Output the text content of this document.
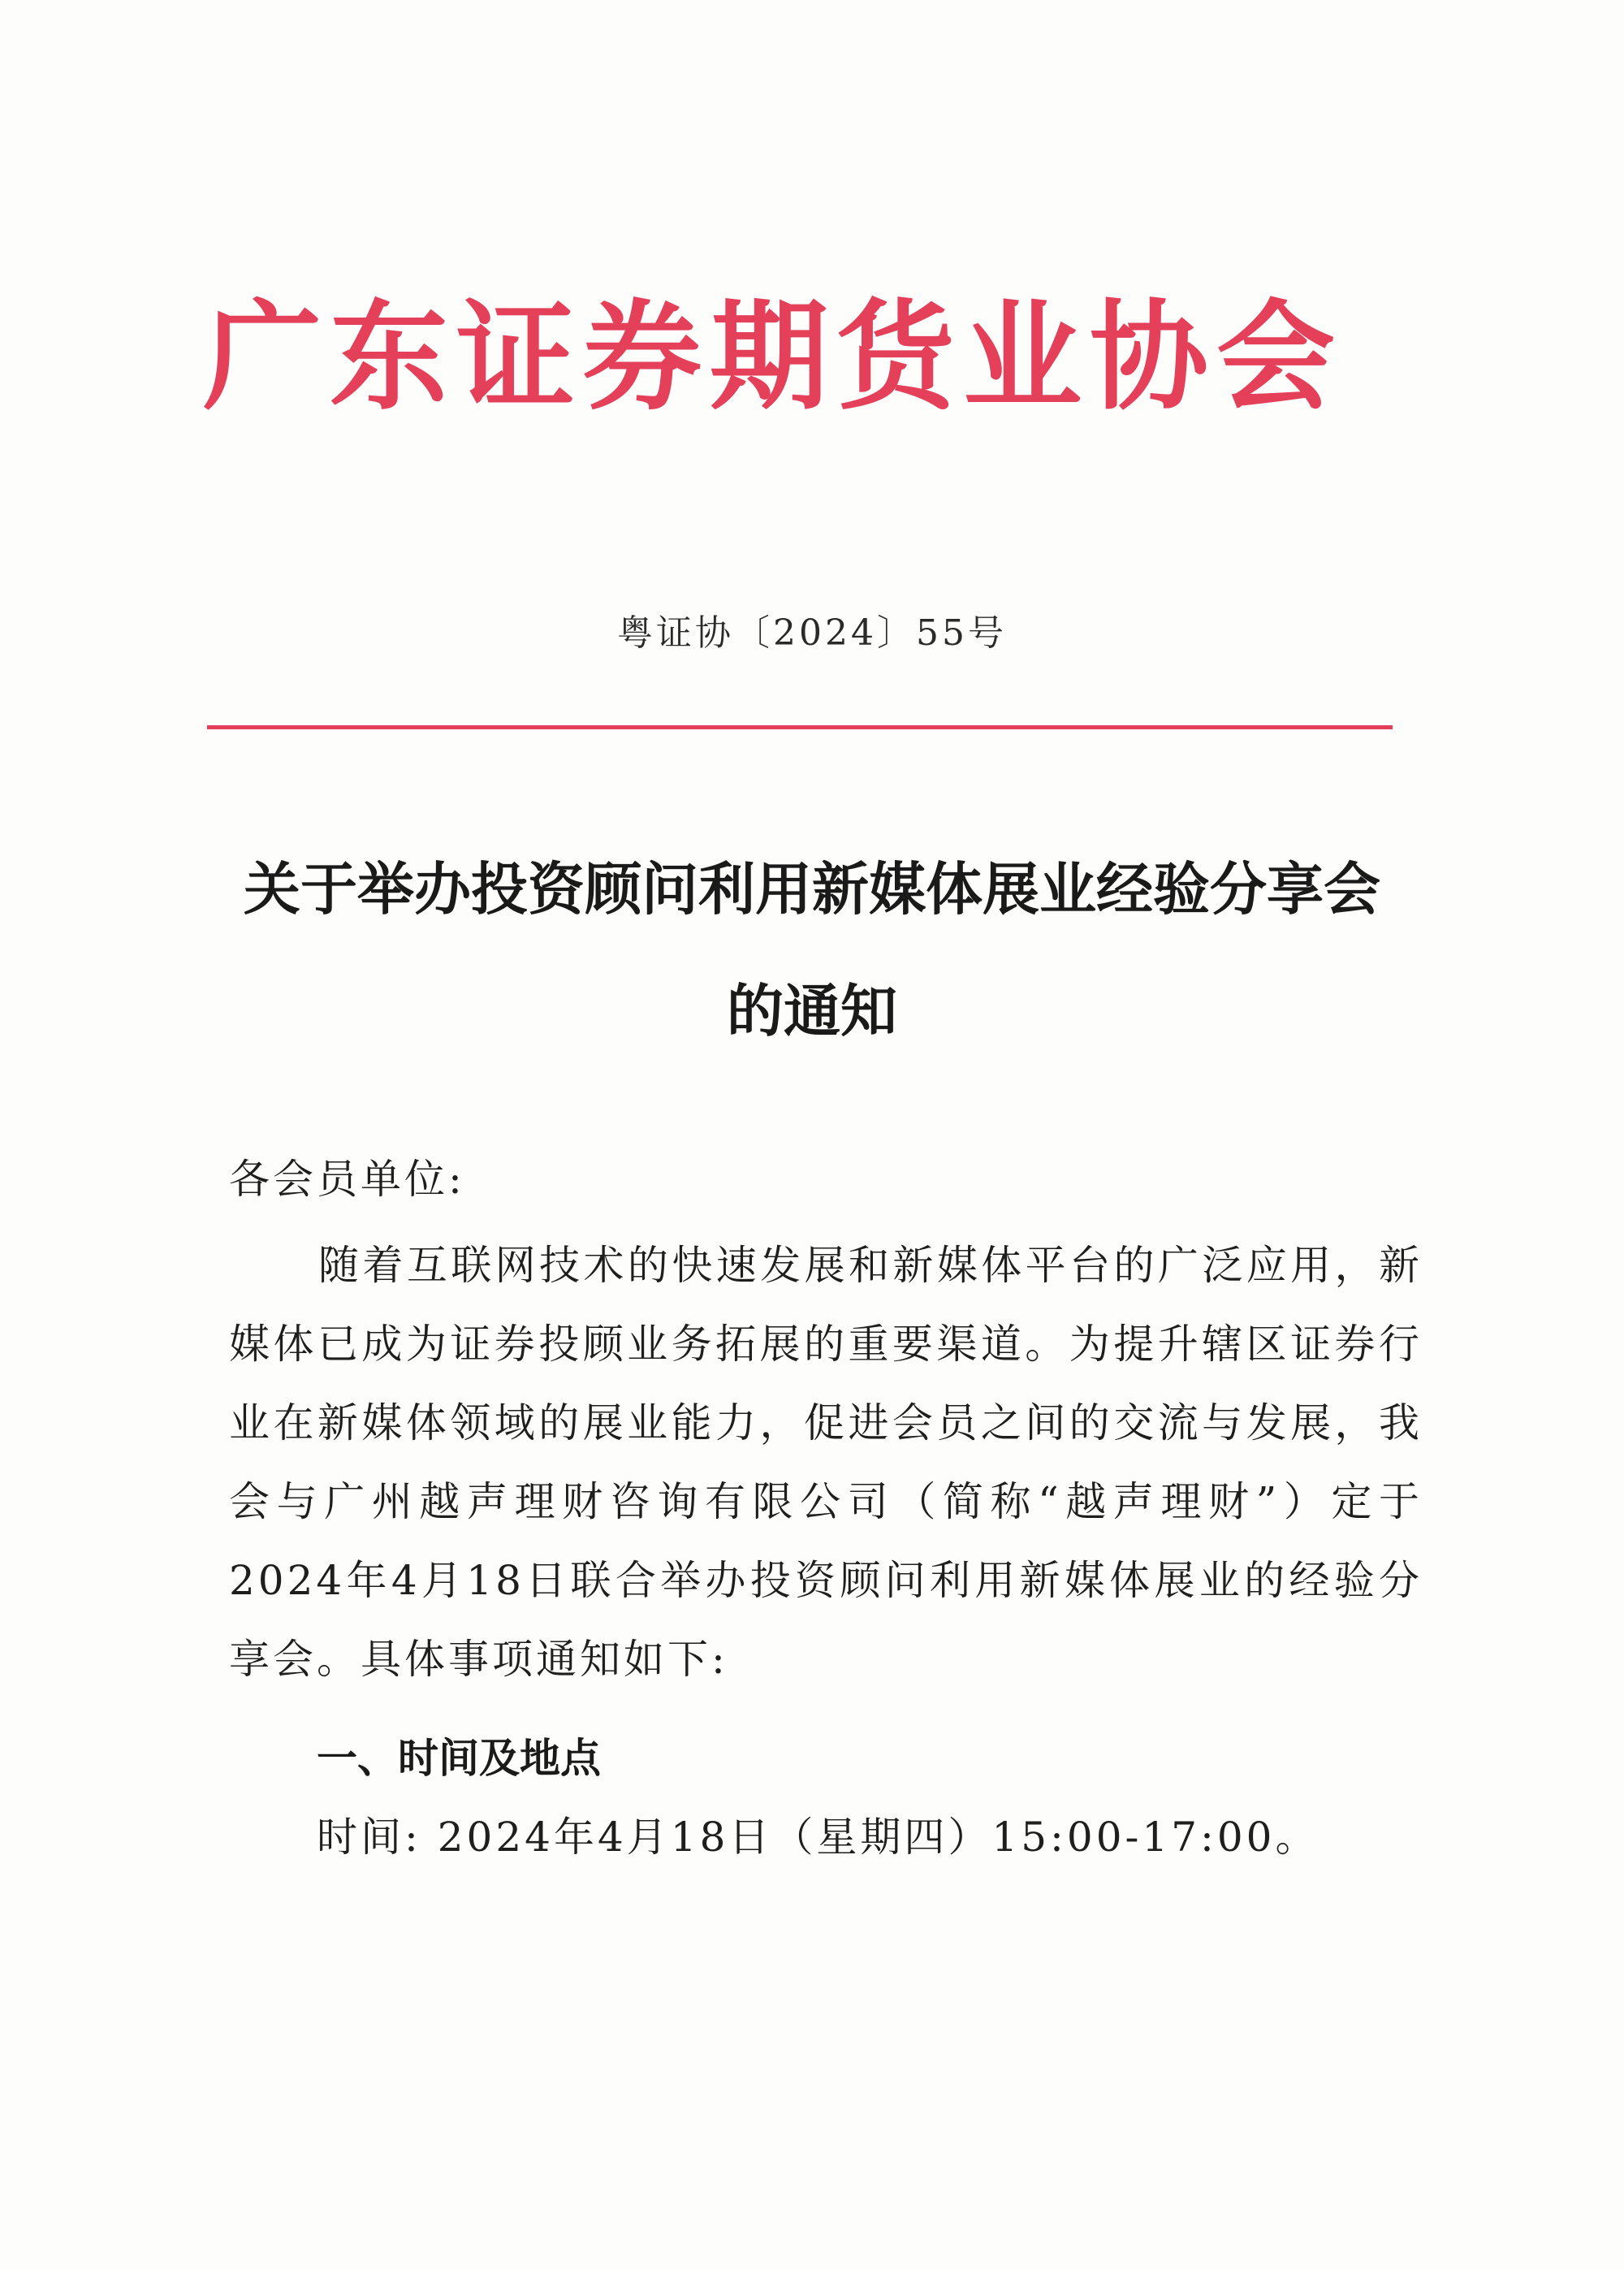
广东证券期货业协会

粤证协〔2024〕55号

关于举办投资顾问利用新媒体展业经验分享会
的通知

各会员单位:

随着互联网技术的快速发展和新媒体平台的广泛应用，新媒体已成为证券投顾业务拓展的重要渠道。为提升辖区证券行业在新媒体领域的展业能力，促进会员之间的交流与发展，我会与广州越声理财咨询有限公司（简称“越声理财”）定于2024年4月18日联合举办投资顾问利用新媒体展业的经验分享会。具体事项通知如下:

一、时间及地点

时间: 2024年4月18日（星期四）15:00-17:00。
